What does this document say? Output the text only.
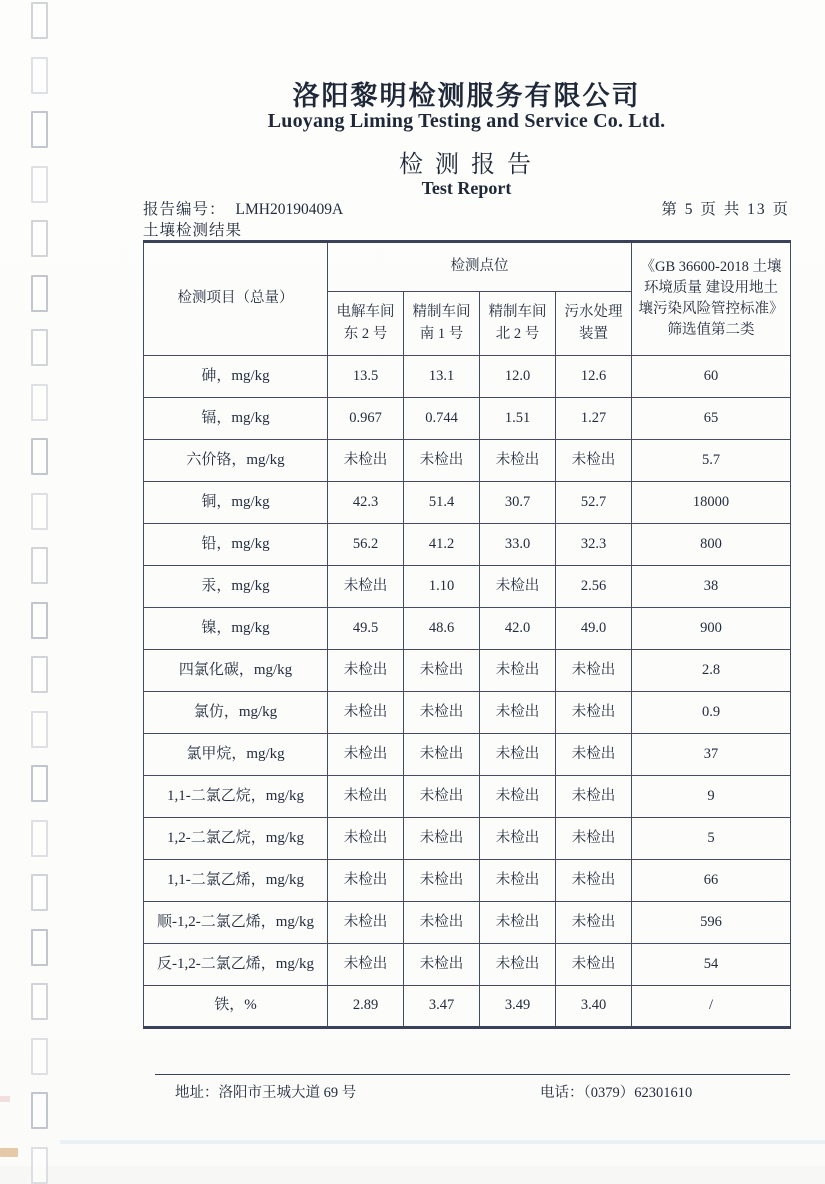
洛阳黎明检测服务有限公司
Luoyang Liming Testing and Service Co. Ltd.
检 测 报 告
Test Report
报告编号： LMH20190409A	第 5 页 共 13 页
土壤检测结果
检测项目（总量）	检测点位				《GB 36600-2018 土壤环境质量 建设用地土壤污染风险管控标准》筛选值第二类
	电解车间东 2 号	精制车间南 1 号	精制车间北 2 号	污水处理装置	
砷，mg/kg	13.5	13.1	12.0	12.6	60
镉，mg/kg	0.967	0.744	1.51	1.27	65
六价铬，mg/kg	未检出	未检出	未检出	未检出	5.7
铜，mg/kg	42.3	51.4	30.7	52.7	18000
铅，mg/kg	56.2	41.2	33.0	32.3	800
汞，mg/kg	未检出	1.10	未检出	2.56	38
镍，mg/kg	49.5	48.6	42.0	49.0	900
四氯化碳，mg/kg	未检出	未检出	未检出	未检出	2.8
氯仿，mg/kg	未检出	未检出	未检出	未检出	0.9
氯甲烷，mg/kg	未检出	未检出	未检出	未检出	37
1,1-二氯乙烷，mg/kg	未检出	未检出	未检出	未检出	9
1,2-二氯乙烷，mg/kg	未检出	未检出	未检出	未检出	5
1,1-二氯乙烯，mg/kg	未检出	未检出	未检出	未检出	66
顺-1,2-二氯乙烯，mg/kg	未检出	未检出	未检出	未检出	596
反-1,2-二氯乙烯，mg/kg	未检出	未检出	未检出	未检出	54
铁，%	2.89	3.47	3.49	3.40	/
地址：洛阳市王城大道 69 号	电话：（0379）62301610
